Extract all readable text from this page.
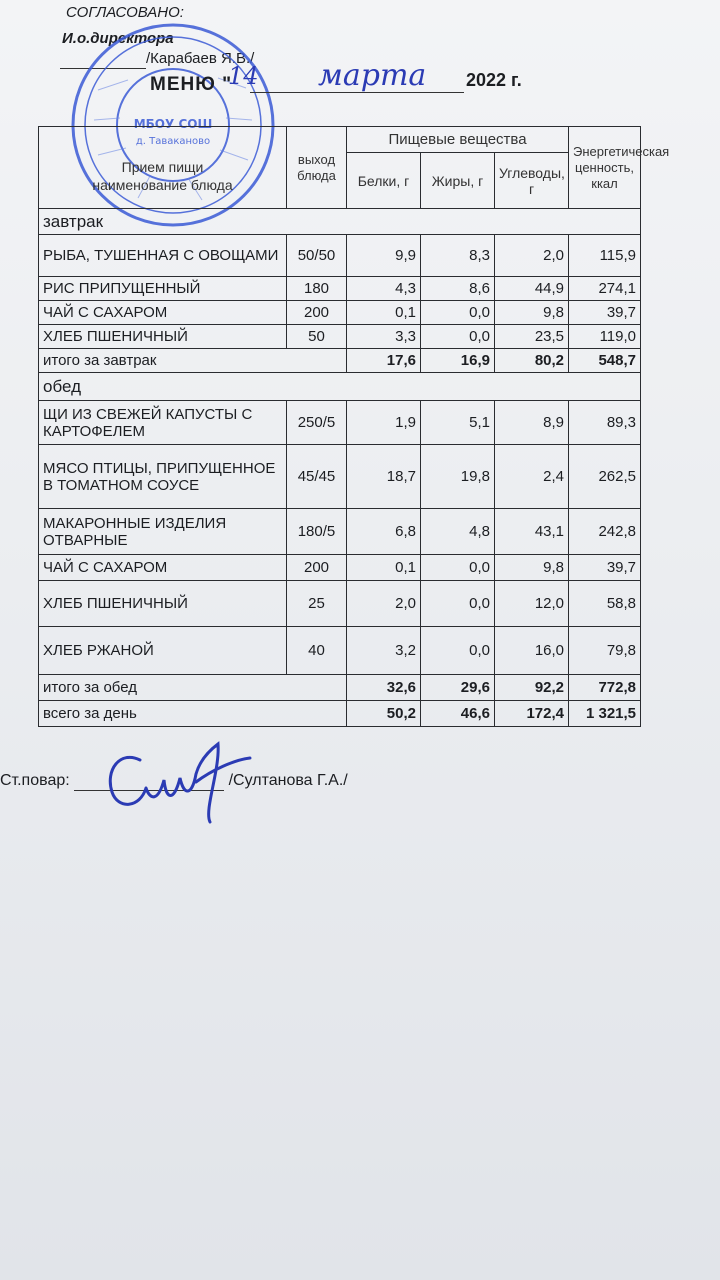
СОГЛАСОВАНО:
И.о.директора
/Карабаев Я.В./
МБОУ СОШ
д. Таваканово
МЕНЮ "
14 марта 2022 г.
Прием пищи
наименование блюда	выход блюда	Пищевые вещества			Энергетическая ценность, ккал
		Белки, г	Жиры, г	Углеводы, г	
завтрак					
РЫБА, ТУШЕННАЯ С ОВОЩАМИ	50/50	9,9	8,3	2,0	115,9
РИС ПРИПУЩЕННЫЙ	180	4,3	8,6	44,9	274,1
ЧАЙ С САХАРОМ	200	0,1	0,0	9,8	39,7
ХЛЕБ ПШЕНИЧНЫЙ	50	3,3	0,0	23,5	119,0
итого за завтрак		17,6	16,9	80,2	548,7
обед					
ЩИ ИЗ СВЕЖЕЙ КАПУСТЫ С КАРТОФЕЛЕМ	250/5	1,9	5,1	8,9	89,3
МЯСО ПТИЦЫ, ПРИПУЩЕННОЕ В ТОМАТНОМ СОУСЕ	45/45	18,7	19,8	2,4	262,5
МАКАРОННЫЕ ИЗДЕЛИЯ ОТВАРНЫЕ	180/5	6,8	4,8	43,1	242,8
ЧАЙ С САХАРОМ	200	0,1	0,0	9,8	39,7
ХЛЕБ ПШЕНИЧНЫЙ	25	2,0	0,0	12,0	58,8
ХЛЕБ РЖАНОЙ	40	3,2	0,0	16,0	79,8
итого за обед		32,6	29,6	92,2	772,8
всего за день		50,2	46,6	172,4	1 321,5
Ст.повар:	/Султанова Г.А./
